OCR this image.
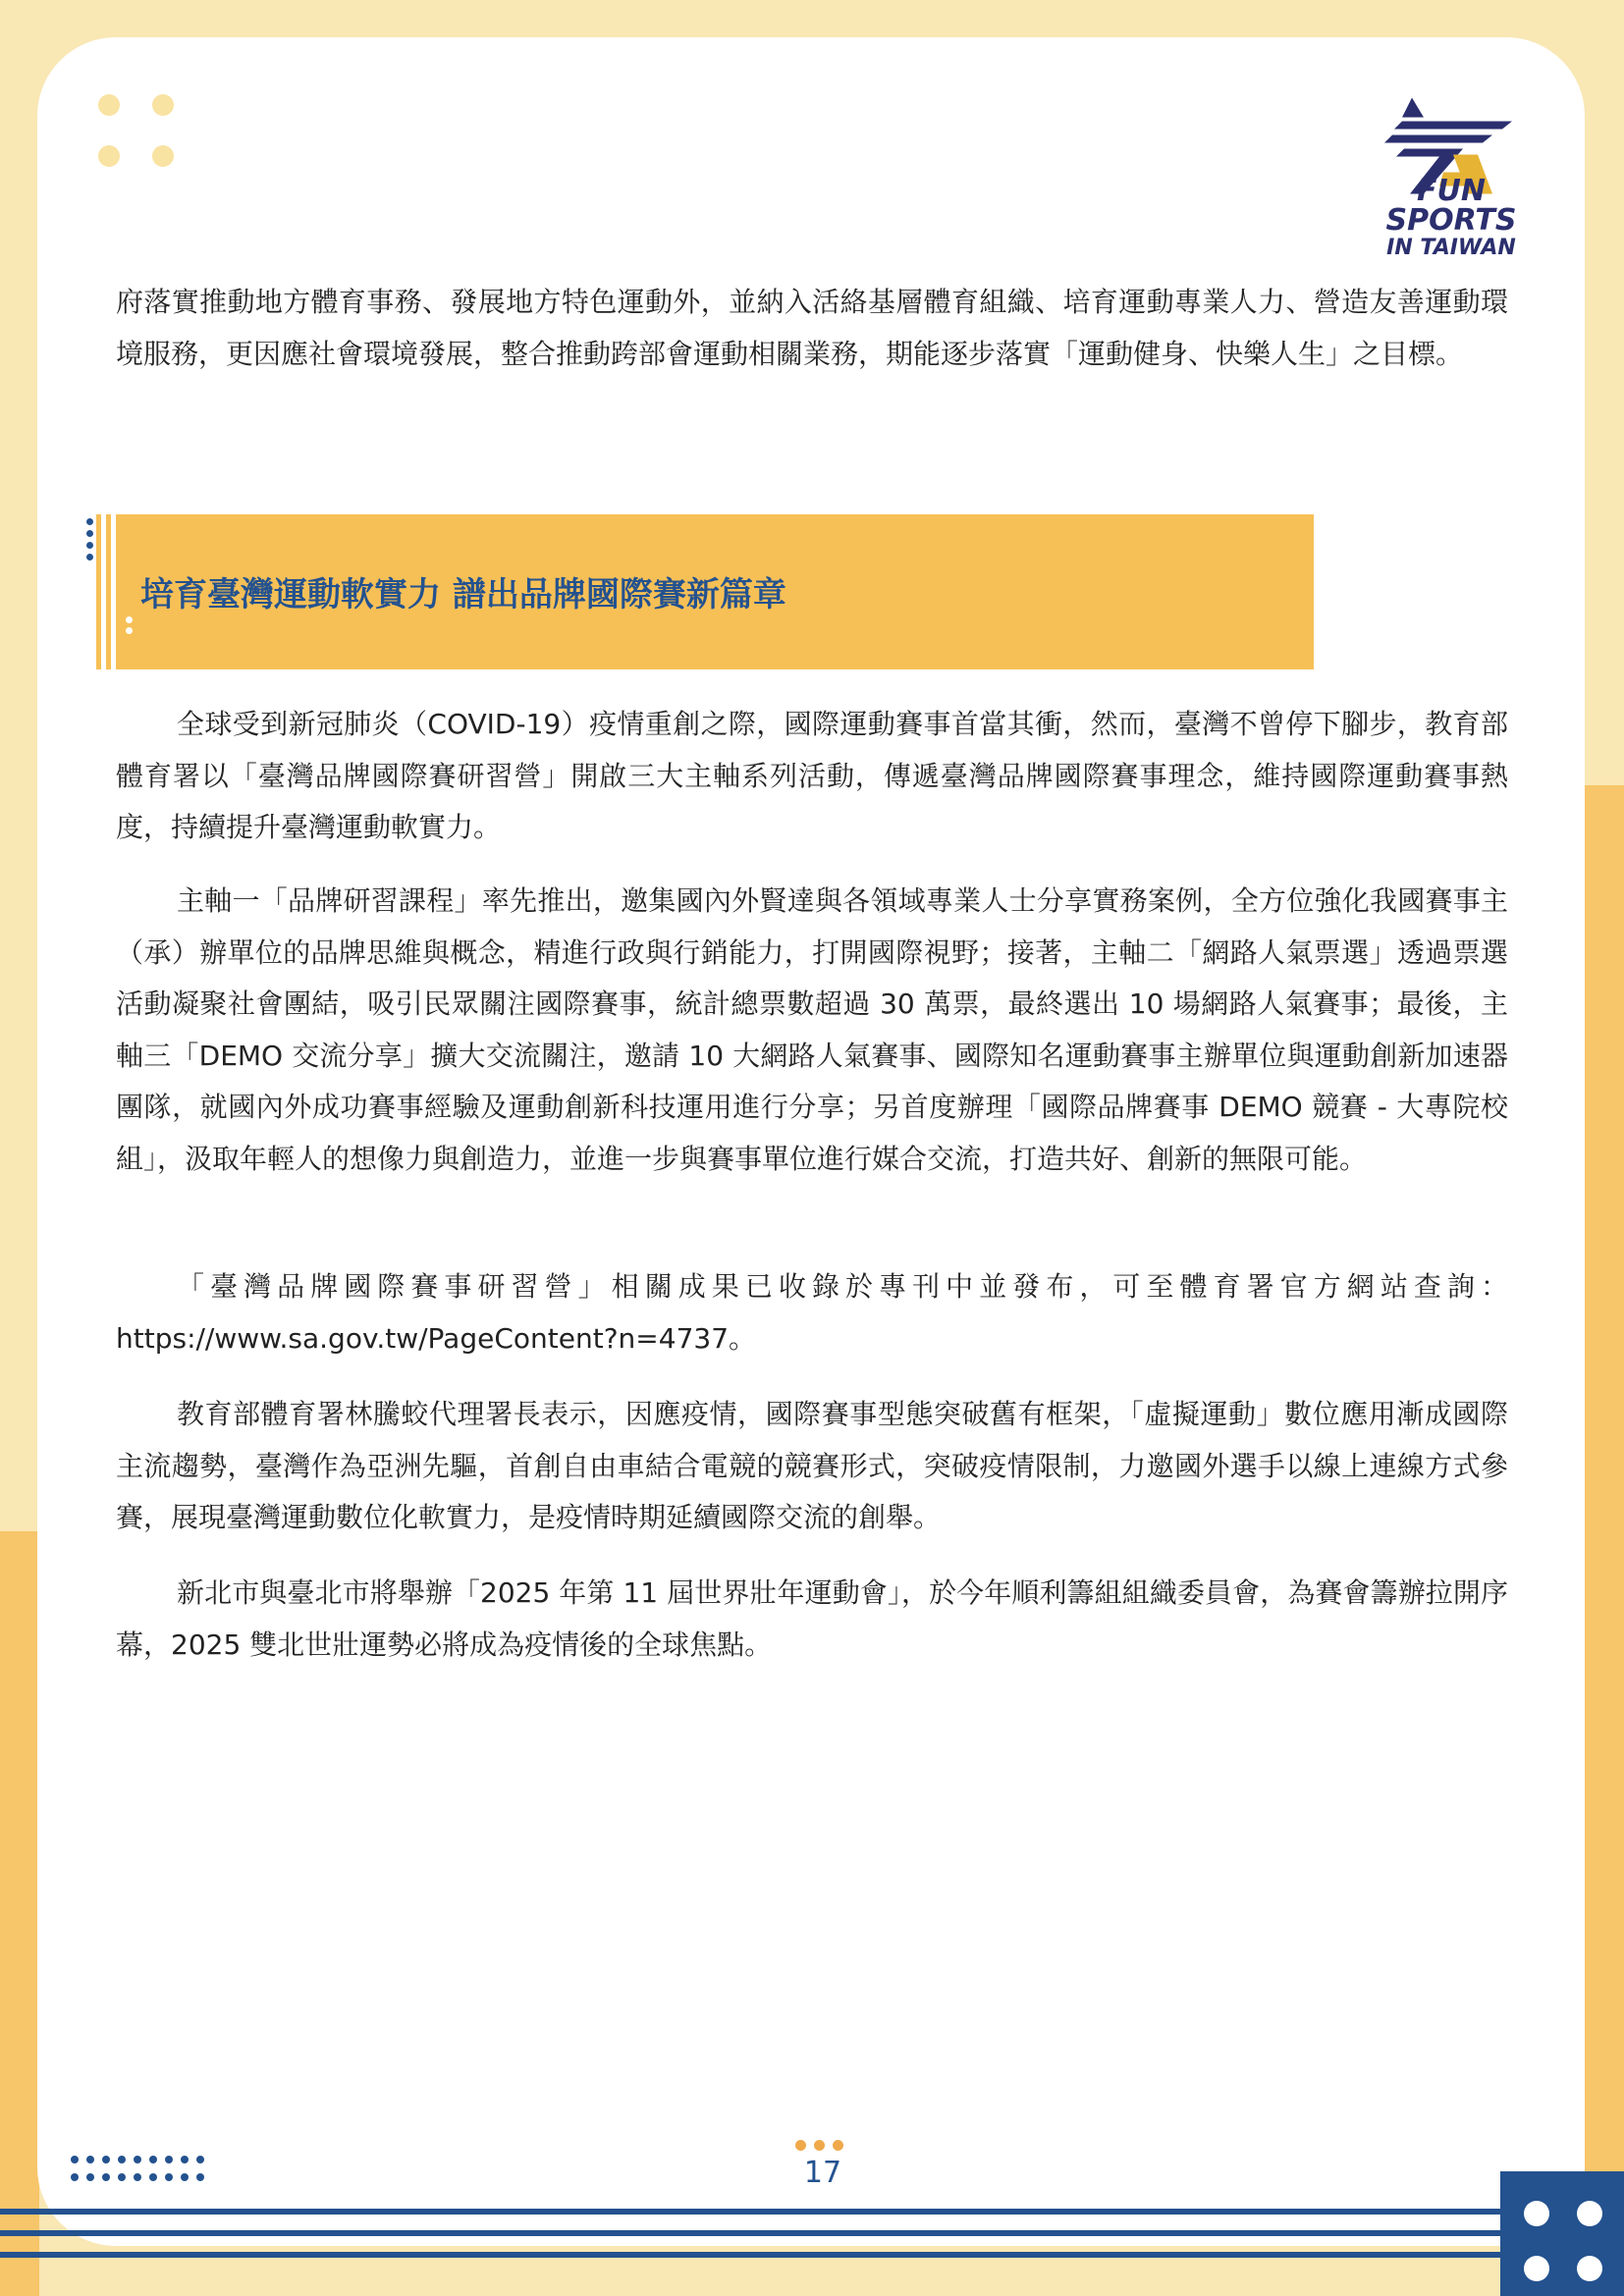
FUN SPORTS
IN TAIWAN

府落實推動地方體育事務、發展地方特色運動外，並納入活絡基層體育組織、培育運動專業人力、營造友善運動環境服務，更因應社會環境發展，整合推動跨部會運動相關業務，期能逐步落實「運動健身、快樂人生」之目標。

培育臺灣運動軟實力 譜出品牌國際賽新篇章

全球受到新冠肺炎（COVID-19）疫情重創之際，國際運動賽事首當其衝，然而，臺灣不曾停下腳步，教育部體育署以「臺灣品牌國際賽研習營」開啟三大主軸系列活動，傳遞臺灣品牌國際賽事理念，維持國際運動賽事熱度，持續提升臺灣運動軟實力。

主軸一「品牌研習課程」率先推出，邀集國內外賢達與各領域專業人士分享實務案例，全方位強化我國賽事主（承）辦單位的品牌思維與概念，精進行政與行銷能力，打開國際視野；接著，主軸二「網路人氣票選」透過票選活動凝聚社會團結，吸引民眾關注國際賽事，統計總票數超過 30 萬票，最終選出 10 場網路人氣賽事；最後，主軸三「DEMO 交流分享」擴大交流關注，邀請 10 大網路人氣賽事、國際知名運動賽事主辦單位與運動創新加速器團隊，就國內外成功賽事經驗及運動創新科技運用進行分享；另首度辦理「國際品牌賽事 DEMO 競賽 - 大專院校組」，汲取年輕人的想像力與創造力，並進一步與賽事單位進行媒合交流，打造共好、創新的無限可能。

「臺灣品牌國際賽事研習營」相關成果已收錄於專刊中並發布，可至體育署官方網站查詢：https://www.sa.gov.tw/PageContent?n=4737。

教育部體育署林騰蛟代理署長表示，因應疫情，國際賽事型態突破舊有框架，「虛擬運動」數位應用漸成國際主流趨勢，臺灣作為亞洲先驅，首創自由車結合電競的競賽形式，突破疫情限制，力邀國外選手以線上連線方式參賽，展現臺灣運動數位化軟實力，是疫情時期延續國際交流的創舉。

新北市與臺北市將舉辦「2025 年第 11 屆世界壯年運動會」，於今年順利籌組組織委員會，為賽會籌辦拉開序幕，2025 雙北世壯運勢必將成為疫情後的全球焦點。

17
